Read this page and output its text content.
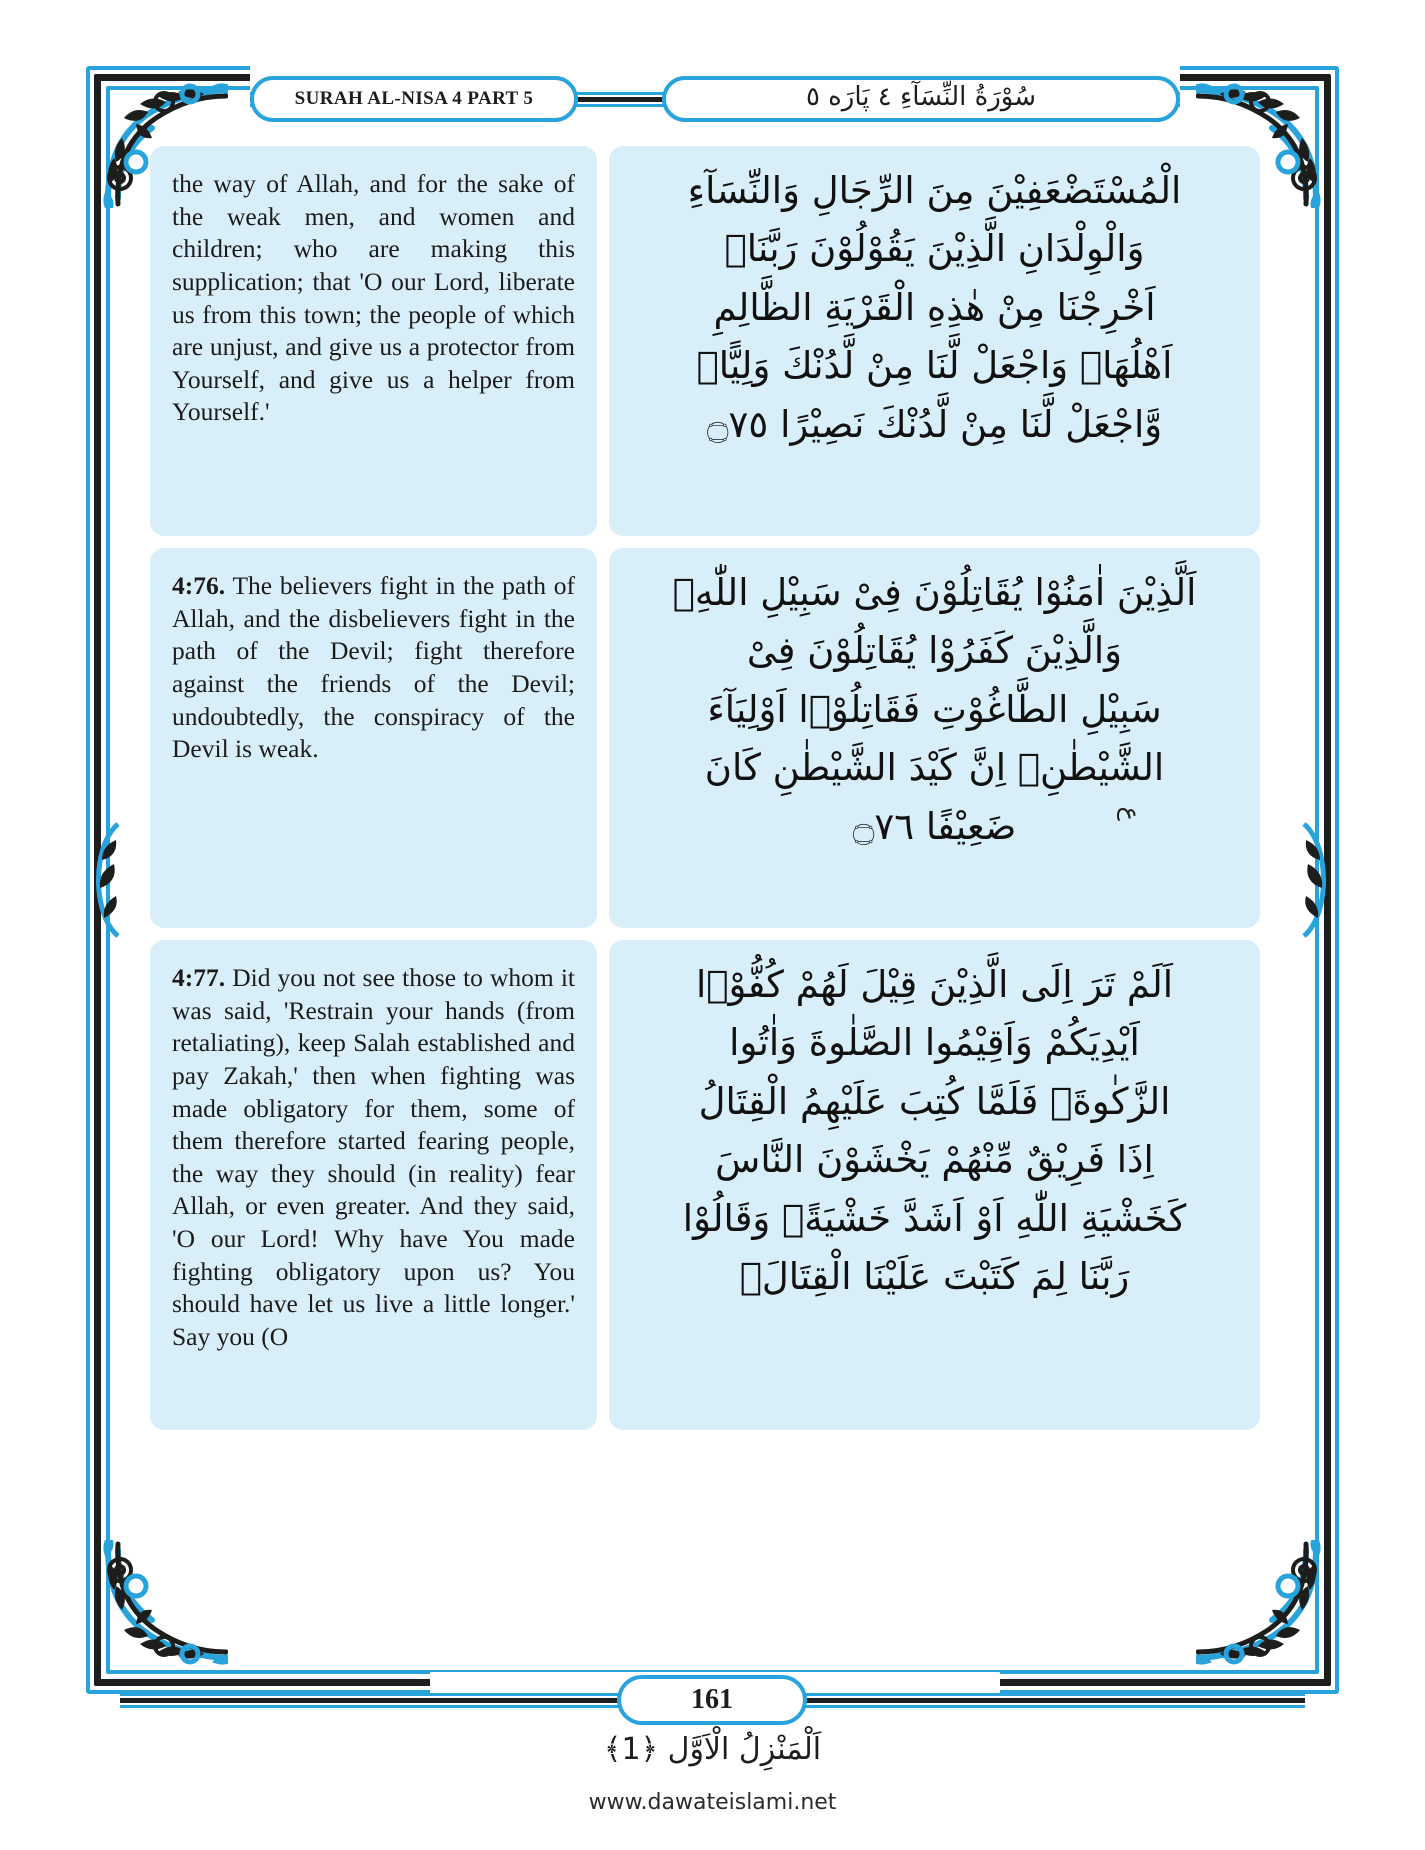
SURAH AL-NISA 4 PART 5	سُوْرَةُ النِّسَآءِ ٤ پَارَه ٥
the way of Allah, and for the sake of the weak men, and women and children; who are making this supplication; that 'O our Lord, liberate us from this town; the people of which are unjust, and give us a protector from Yourself, and give us a helper from Yourself.'
الْمُسْتَضْعَفِيْنَ مِنَ الرِّجَالِ وَالنِّسَآءِ
وَالْوِلْدَانِ الَّذِيْنَ يَقُوْلُوْنَ رَبَّنَاۤ
اَخْرِجْنَا مِنْ هٰذِهِ الْقَرْيَةِ الظَّالِمِ
اَهْلُهَاۚ وَاجْعَلْ لَّنَا مِنْ لَّدُنْكَ وَلِيًّاۙ
وَّاجْعَلْ لَّنَا مِنْ لَّدُنْكَ نَصِيْرًا ۝٧٥
4:76. The believers fight in the path of Allah, and the disbelievers fight in the path of the Devil; fight therefore against the friends of the Devil; undoubtedly, the conspiracy of the Devil is weak.
اَلَّذِيْنَ اٰمَنُوْا يُقَاتِلُوْنَ فِیْ سَبِيْلِ اللّٰهِۚ
وَالَّذِيْنَ كَفَرُوْا يُقَاتِلُوْنَ فِیْ
سَبِيْلِ الطَّاغُوْتِ فَقَاتِلُوْۤا اَوْلِيَآءَ
الشَّيْطٰنِۚ اِنَّ كَيْدَ الشَّيْطٰنِ كَانَ
ضَعِيْفًا ۝٧٦
4:77. Did you not see those to whom it was said, 'Restrain your hands (from retaliating), keep Salah established and pay Zakah,' then when fighting was made obligatory for them, some of them therefore started fearing people, the way they should (in reality) fear Allah, or even greater. And they said, 'O our Lord! Why have You made fighting obligatory upon us? You should have let us live a little longer.' Say you (O
اَلَمْ تَرَ اِلَى الَّذِيْنَ قِيْلَ لَهُمْ كُفُّوْۤا
اَيْدِيَكُمْ وَاَقِيْمُوا الصَّلٰوةَ وَاٰتُوا
الزَّكٰوةَۚ فَلَمَّا كُتِبَ عَلَيْهِمُ الْقِتَالُ
اِذَا فَرِيْقٌ مِّنْهُمْ يَخْشَوْنَ النَّاسَ
كَخَشْيَةِ اللّٰهِ اَوْ اَشَدَّ خَشْيَةًۚ وَقَالُوْا
رَبَّنَا لِمَ كَتَبْتَ عَلَيْنَا الْقِتَالَۚ
ع
161
اَلْمَنْزِلُ الْاَوَّل ﴿1﴾
www.dawateislami.net
